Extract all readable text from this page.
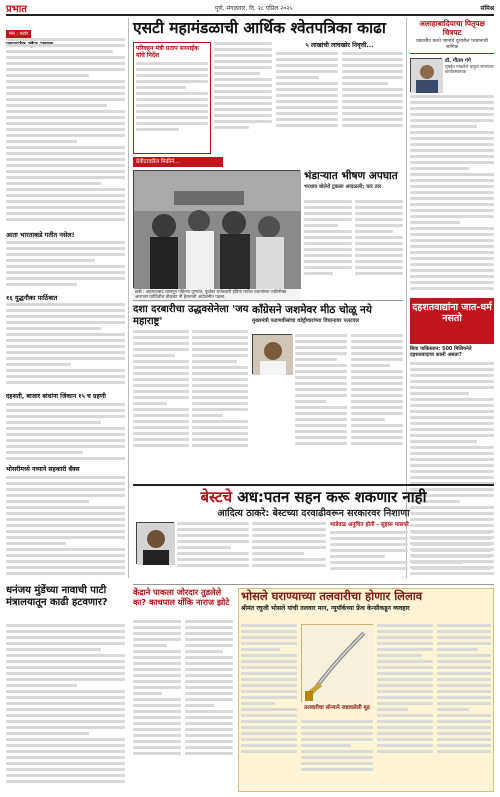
प्रभात	पुणे, मंगळवार, दि. २८ एप्रिल २०२५	संमिश्र
मन : धरार
आता भारताकडे गतीत नसेल!
१६ युद्धनौका पाठिंबात
दहशती, बाजार बांधांना जिंकान १५ च ग्रहणी
भोसरीमध्ये नव्याने सहकारी बॅंक्स
धनंजय मुंडेंच्या नावाची पाटी मंत्रालयातून काढी हटवणार?
एसटी महामंडळाची आर्थिक श्वेतपत्रिका काढा
परिवहन मंत्री प्रताप सरनाईक यांचे निर्देश
५ लाखांची लाचखोर निवृत्ती...
ग्रेवीटरवरील मिक्रीने...
छत्री : अहमदाबाद चालपून पहिल्या पुण्यांत, पूर्वावर राजेश्वारी इंडिया मधील प्रधानांच्या व्यतिरीक्त आरपास प्राप्तितील डीकवट नी हैरानाची अंदोलनीत पडला.
भंडाऱ्यात भीषण अपघात
भरधाव बोलेरो ट्रकला आदळली; चार ठार
अलाहाबादियाचा पितृपक्ष चित्रपट
प्रकाशीत करते जामाचे दूरवरील परवानाची जागिक
डॉ. गौतम गंगे
मुंबईत नाबलेले चाहुल सत्यपाल कार्यवस्थापक
दहशतवाद्यांना जात-धर्म नसतो
बिया पाकिस्तान: 500 मिलियनेते दहशतवादाचा काली असता?
दशा दरबारीचा उद्धवसेनेला 'जय महाराष्ट्र'
कॉंग्रेसने जशमेवर मीठ चोळू नये
मुख्यमंत्री फडणवीसांचा वडेट्टीवारांच्या विधानावर पलटवार
बेस्टचे अध:पतन सहन करू शकणार नाही
आदित्य ठाकरे: बेस्टच्या दरवाढीवरून सरकारवर निशाणा
भाडेवाढ अनुचित होती - सुहास मासपरे
केंद्राने पाकला जोरदार तुडलेले का? काचपाल योंकि नाराज झोटे	भोसले घराण्याच्या तलवारीचा होणार लिलाव
श्रीमंत रघुजी भोसले यांची तलवार मान, न्यूयॉर्कच्या फ्रेंच केन्सीकडून व्यवहार
तलवारीचा सोन्याने जडावलेली मूठ
